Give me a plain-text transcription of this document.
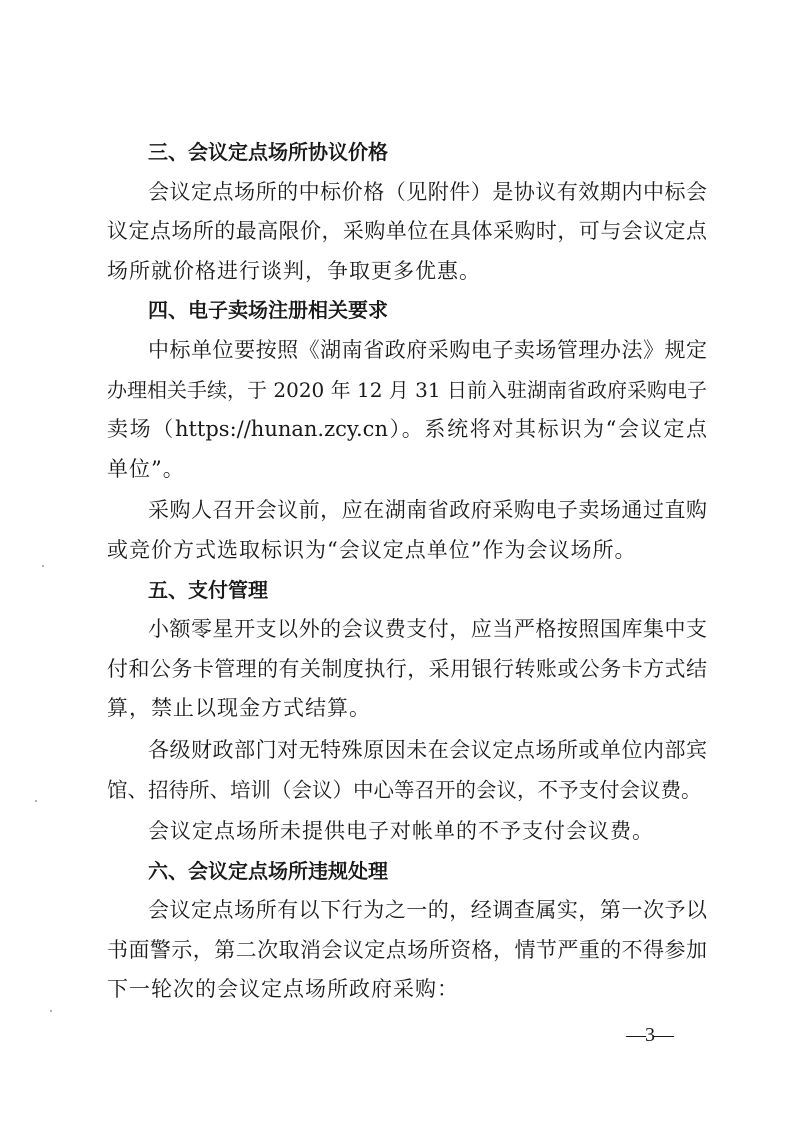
三、会议定点场所协议价格
会议定点场所的中标价格（见附件）是协议有效期内中标会
议定点场所的最高限价，采购单位在具体采购时，可与会议定点
场所就价格进行谈判，争取更多优惠。
四、电子卖场注册相关要求
中标单位要按照《湖南省政府采购电子卖场管理办法》规定
办理相关手续，于 2020 年 12 月 31 日前入驻湖南省政府采购电子
卖场（https://hunan.zcy.cn）。系统将对其标识为“会议定点
单位”。
采购人召开会议前，应在湖南省政府采购电子卖场通过直购
或竞价方式选取标识为“会议定点单位”作为会议场所。
五、支付管理
小额零星开支以外的会议费支付，应当严格按照国库集中支
付和公务卡管理的有关制度执行，采用银行转账或公务卡方式结
算，禁止以现金方式结算。
各级财政部门对无特殊原因未在会议定点场所或单位内部宾
馆、招待所、培训（会议）中心等召开的会议，不予支付会议费。
会议定点场所未提供电子对帐单的不予支付会议费。
六、会议定点场所违规处理
会议定点场所有以下行为之一的，经调查属实，第一次予以
书面警示，第二次取消会议定点场所资格，情节严重的不得参加
下一轮次的会议定点场所政府采购：
—3—
